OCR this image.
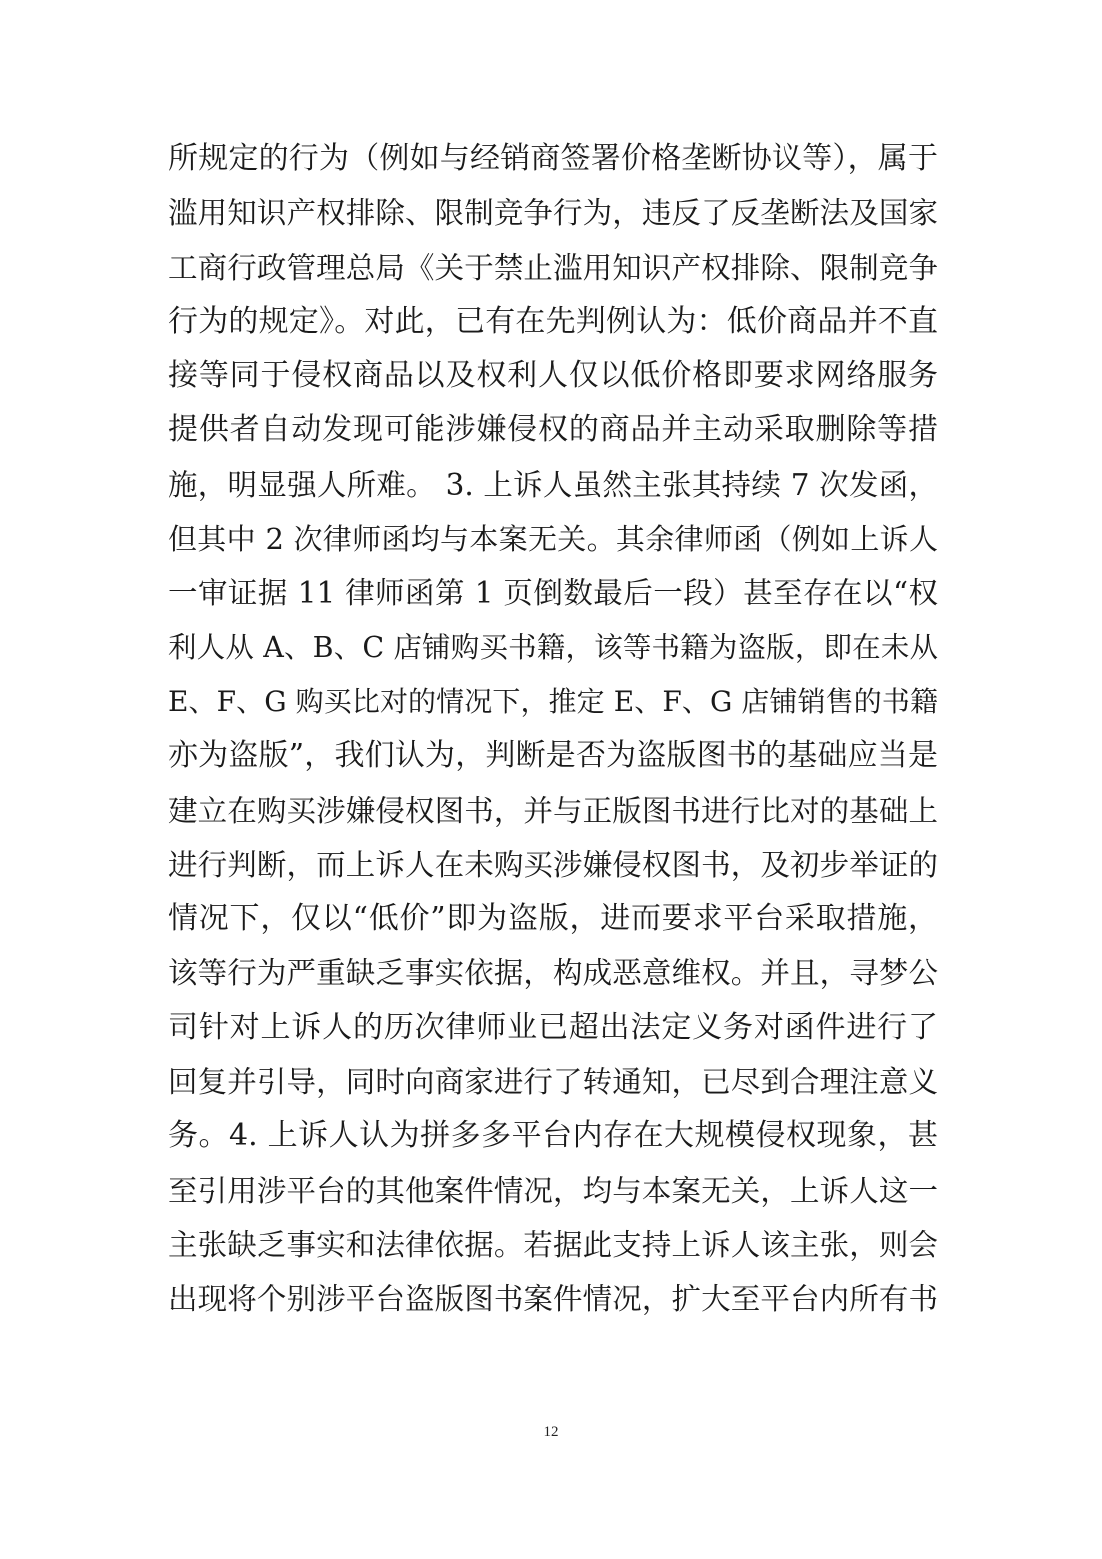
所规定的行为（例如与经销商签署价格垄断协议等），属于
滥用知识产权排除、限制竞争行为，违反了反垄断法及国家
工商行政管理总局《关于禁止滥用知识产权排除、限制竞争
行为的规定》。对此，已有在先判例认为：低价商品并不直
接等同于侵权商品以及权利人仅以低价格即要求网络服务
提供者自动发现可能涉嫌侵权的商品并主动采取删除等措
施，明显强人所难。 3. 上诉人虽然主张其持续 7 次发函，
但其中 2 次律师函均与本案无关。其余律师函（例如上诉人
一审证据 11 律师函第 1 页倒数最后一段）甚至存在以“权
利人从 A、B、C 店铺购买书籍，该等书籍为盗版，即在未从
E、F、G 购买比对的情况下，推定 E、F、G 店铺销售的书籍
亦为盗版”，我们认为，判断是否为盗版图书的基础应当是
建立在购买涉嫌侵权图书，并与正版图书进行比对的基础上
进行判断，而上诉人在未购买涉嫌侵权图书，及初步举证的
情况下，仅以“低价”即为盗版，进而要求平台采取措施，
该等行为严重缺乏事实依据，构成恶意维权。并且，寻梦公
司针对上诉人的历次律师业已超出法定义务对函件进行了
回复并引导，同时向商家进行了转通知，已尽到合理注意义
务。4. 上诉人认为拼多多平台内存在大规模侵权现象，甚
至引用涉平台的其他案件情况，均与本案无关，上诉人这一
主张缺乏事实和法律依据。若据此支持上诉人该主张，则会
出现将个别涉平台盗版图书案件情况，扩大至平台内所有书
12
